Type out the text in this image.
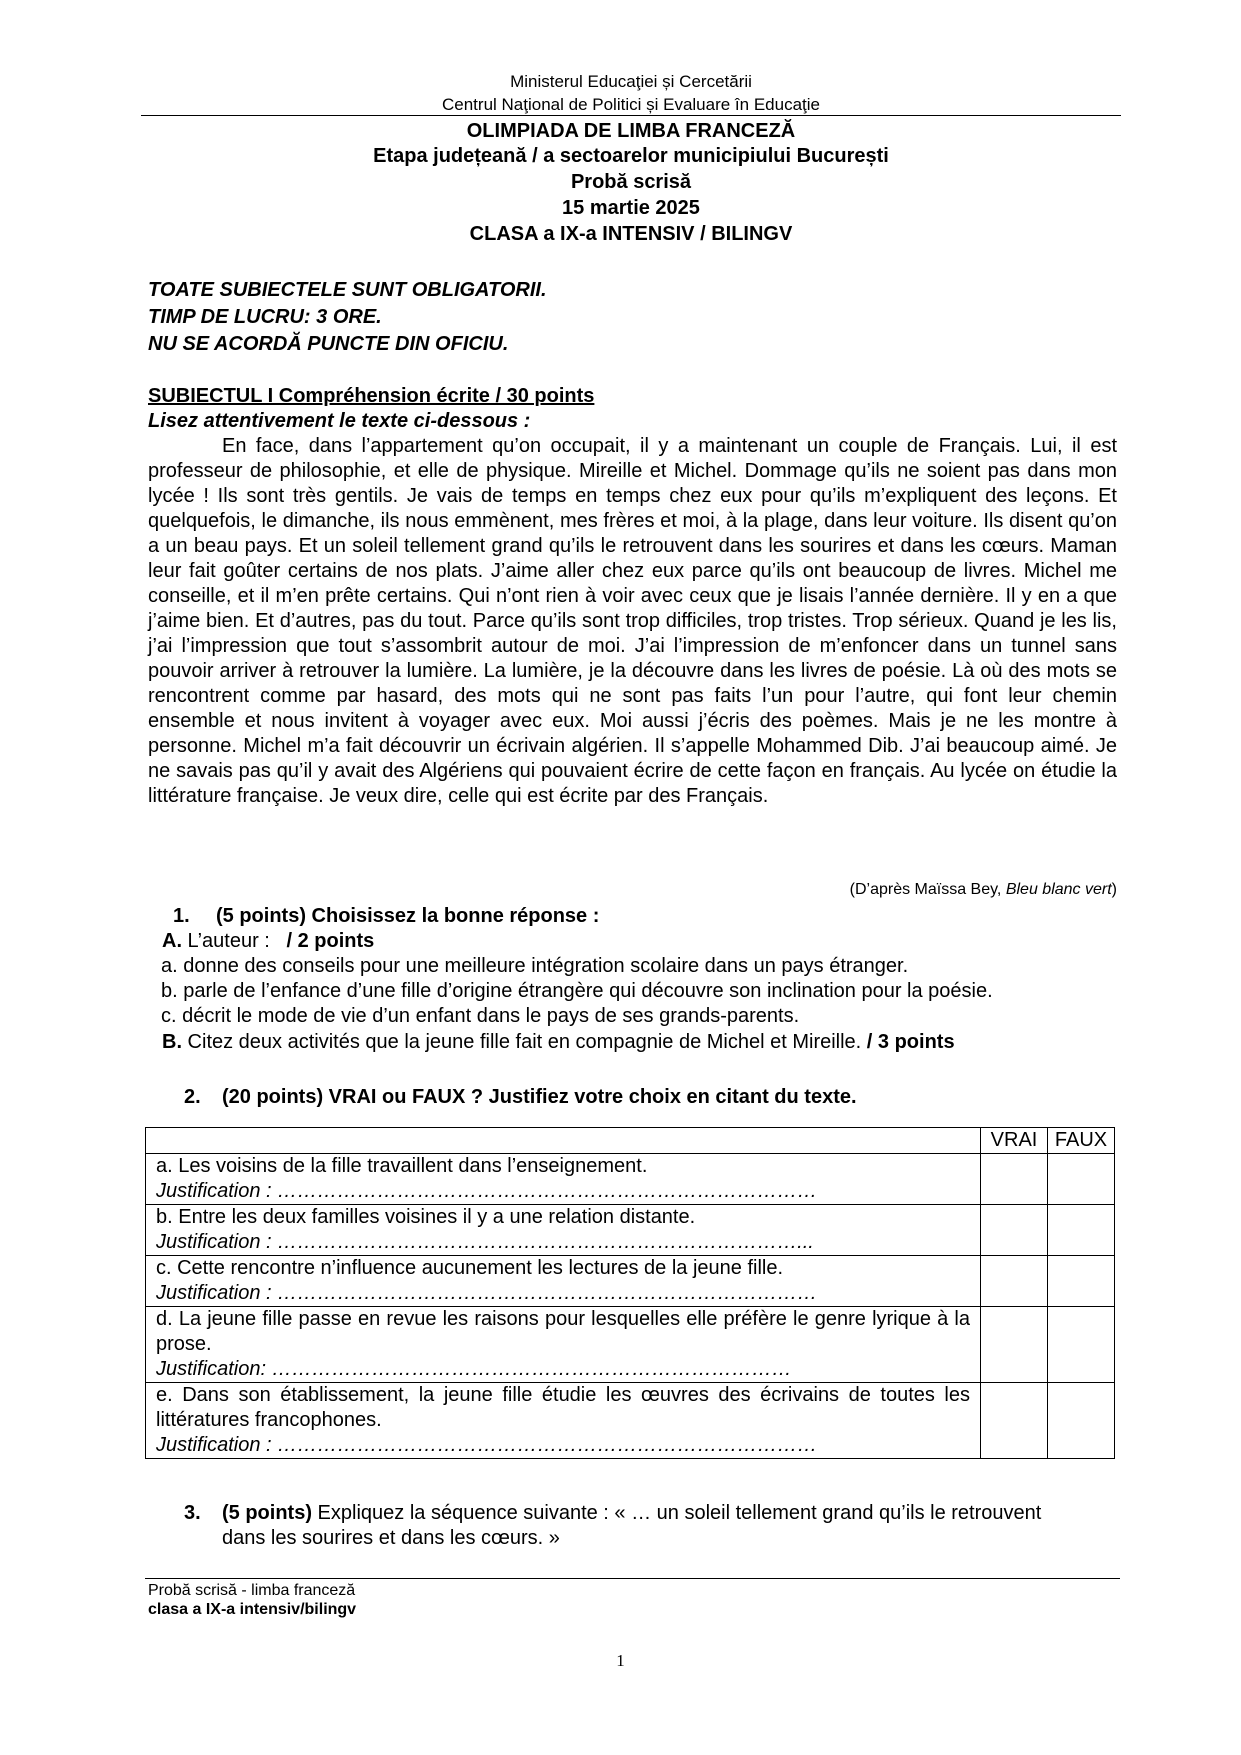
Ministerul Educaţiei și Cercetării
Centrul Naţional de Politici și Evaluare în Educaţie
OLIMPIADA DE LIMBA FRANCEZĂ
Etapa județeană / a sectoarelor municipiului București
Probă scrisă
15 martie 2025
CLASA a IX-a INTENSIV / BILINGV
TOATE SUBIECTELE SUNT OBLIGATORII.
TIMP DE LUCRU: 3 ORE.
NU SE ACORDĂ PUNCTE DIN OFICIU.
SUBIECTUL I Compréhension écrite / 30 points
Lisez attentivement le texte ci-dessous :
En face, dans l’appartement qu’on occupait, il y a maintenant un couple de Français. Lui, il est professeur de philosophie, et elle de physique. Mireille et Michel. Dommage qu’ils ne soient pas dans mon lycée ! Ils sont très gentils. Je vais de temps en temps chez eux pour qu’ils m’expliquent des leçons. Et quelquefois, le dimanche, ils nous emmènent, mes frères et moi, à la plage, dans leur voiture. Ils disent qu’on a un beau pays. Et un soleil tellement grand qu’ils le retrouvent dans les sourires et dans les cœurs. Maman leur fait goûter certains de nos plats. J’aime aller chez eux parce qu’ils ont beaucoup de livres. Michel me conseille, et il m’en prête certains. Qui n’ont rien à voir avec ceux que je lisais l’année dernière. Il y en a que j’aime bien. Et d’autres, pas du tout. Parce qu’ils sont trop difficiles, trop tristes. Trop sérieux. Quand je les lis, j’ai l’impression que tout s’assombrit autour de moi. J’ai l’impression de m’enfoncer dans un tunnel sans pouvoir arriver à retrouver la lumière. La lumière, je la découvre dans les livres de poésie. Là où des mots se rencontrent comme par hasard, des mots qui ne sont pas faits l’un pour l’autre, qui font leur chemin ensemble et nous invitent à voyager avec eux. Moi aussi j’écris des poèmes. Mais je ne les montre à personne. Michel m’a fait découvrir un écrivain algérien. Il s’appelle Mohammed Dib. J’ai beaucoup aimé. Je ne savais pas qu’il y avait des Algériens qui pouvaient écrire de cette façon en français. Au lycée on étudie la littérature française. Je veux dire, celle qui est écrite par des Français.
(D’après Maïssa Bey, Bleu blanc vert)
1. (5 points) Choisissez la bonne réponse :
A. L’auteur :   / 2 points
a. donne des conseils pour une meilleure intégration scolaire dans un pays étranger.
b. parle de l’enfance d’une fille d’origine étrangère qui découvre son inclination pour la poésie.
c. décrit le mode de vie d’un enfant dans le pays de ses grands-parents.
B. Citez deux activités que la jeune fille fait en compagnie de Michel et Mireille. / 3 points
2. (20 points) VRAI ou FAUX ? Justifiez votre choix en citant du texte.
	VRAI	FAUX

a. Les voisins de la fille travaillent dans l’enseignement.
Justification : ………………………………………………………………………		

b. Entre les deux familles voisines il y a une relation distante.
Justification : ……………………………………………………………………...		

c. Cette rencontre n’influence aucunement les lectures de la jeune fille.
Justification : ………………………………………………………………………		

d. La jeune fille passe en revue les raisons pour lesquelles elle préfère le genre lyrique à la prose.
Justification: ……………………………………………………………………		

e. Dans son établissement, la jeune fille étudie les œuvres des écrivains de toutes les littératures francophones.
Justification : ………………………………………………………………………		

3. (5 points) Expliquez la séquence suivante : « … un soleil tellement grand qu’ils le retrouvent dans les sourires et dans les cœurs. »
Probă scrisă - limba franceză
clasa a IX-a intensiv/bilingv
1
